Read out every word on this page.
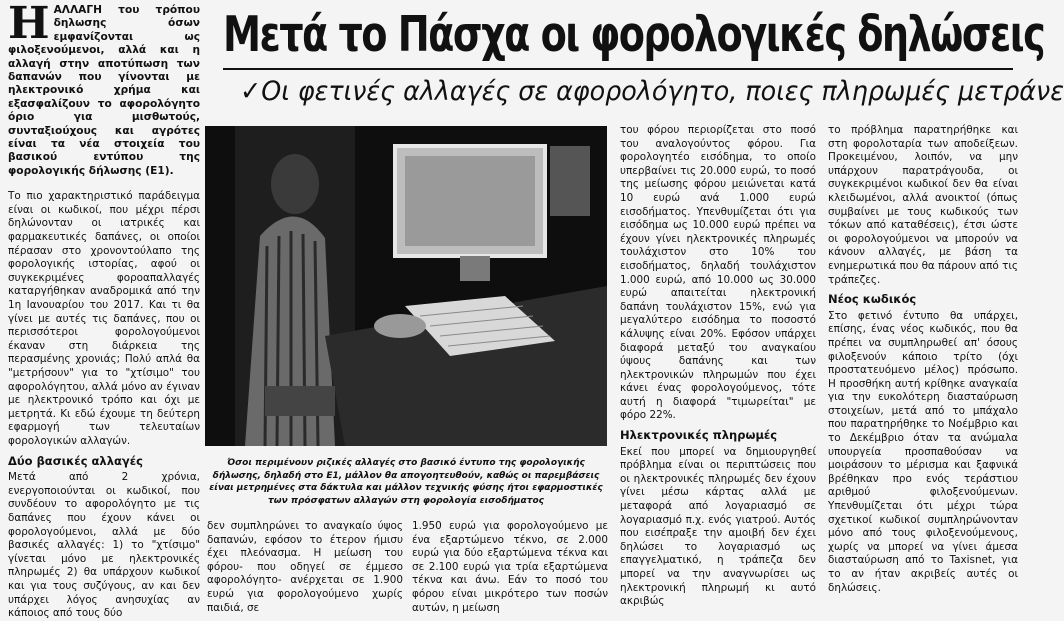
Η ΑΛΛΑΓΗ του τρόπου δηλωσης όσων εμφανίζονται ως φιλοξενούμενοι, αλλά και η αλλαγή στην αποτύπωση των δαπανών που γίνονται με ηλεκτρονικό χρήμα και εξασφαλίζουν το αφορολόγητο όριο για μισθωτούς, συνταξιούχους και αγρότες είναι τα νέα στοιχεία του βασικού εντύπου της φορολογικής δήλωσης (Ε1).

Το πιο χαρακτηριστικό παράδειγμα είναι οι κωδικοί, που μέχρι πέρσι δηλώνονταν οι ιατρικές και φαρμακευτικές δαπάνες, οι οποίοι πέρασαν στο χρονοντούλαπο της φορολογικής ιστορίας, αφού οι συγκεκριμένες φοροαπαλλαγές καταργήθηκαν αναδρομικά από την 1η Ιανουαρίου του 2017. Και τι θα γίνει με αυτές τις δαπάνες, που οι περισσότεροι φορολογούμενοι έκαναν στη διάρκεια της περασμένης χρονιάς; Πολύ απλά θα "μετρήσουν" για το "χτίσιμο" του αφορολόγητου, αλλά μόνο αν έγιναν με ηλεκτρονικό τρόπο και όχι με μετρητά. Κι εδώ έχουμε τη δεύτερη εφαρμογή των τελευταίων φορολογικών αλλαγών.

Δύο βασικές αλλαγές

Μετά από 2 χρόνια, ενεργοποιούνται οι κωδικοί, που συνδέουν το αφορολόγητο με τις δαπάνες που έχουν κάνει οι φορολογούμενοι, αλλά με δύο βασικές αλλαγές: 1) το "χτίσιμο" γίνεται μόνο με ηλεκτρονικές πληρωμές 2) θα υπάρχουν κωδικοί και για τους συζύγους, αν και δεν υπάρχει λόγος ανησυχίας αν κάποιος από τους δύο

Μετά το Πάσχα οι φορολογικές δηλώσεις
✓Οι φετινές αλλαγές σε αφορολόγητο, ποιες πληρωμές μετράνε
Όσοι περιμένουν ριζικές αλλαγές στο βασικό έντυπο της φορολογικής δήλωσης, δηλαδή στο Ε1, μάλλον θα απογοητευθούν, καθώς οι παρεμβάσεις είναι μετρημένες στα δάκτυλα και μάλλον τεχνικής φύσης ήτοι εφαρμοστικές των πρόσφατων αλλαγών στη φορολογία εισοδήματος

δεν συμπληρώνει το αναγκαίο ύψος δαπανών, εφόσον το έτερον ήμισυ έχει πλεόνασμα. Η μείωση του φόρου- που οδηγεί σε έμμεσο αφορολόγητο- ανέρχεται σε 1.900 ευρώ για φορολογούμενο χωρίς παιδιά, σε

1.950 ευρώ για φορολογούμενο με ένα εξαρτώμενο τέκνο, σε 2.000 ευρώ για δύο εξαρτώμενα τέκνα και σε 2.100 ευρώ για τρία εξαρτώμενα τέκνα και άνω. Εάν το ποσό του φόρου είναι μικρότερο των ποσών αυτών, η μείωση

του φόρου περιορίζεται στο ποσό του αναλογούντος φόρου. Για φορολογητέο εισόδημα, το οποίο υπερβαίνει τις 20.000 ευρώ, το ποσό της μείωσης φόρου μειώνεται κατά 10 ευρώ ανά 1.000 ευρώ εισοδήματος. Υπενθυμίζεται ότι για εισόδημα ως 10.000 ευρώ πρέπει να έχουν γίνει ηλεκτρονικές πληρωμές τουλάχιστον στο 10% του εισοδήματος, δηλαδή τουλάχιστον 1.000 ευρώ, από 10.000 ως 30.000 ευρώ απαιτείται ηλεκτρονική δαπάνη τουλάχιστον 15%, ενώ για μεγαλύτερο εισόδημα το ποσοστό κάλυψης είναι 20%. Εφόσον υπάρχει διαφορά μεταξύ του αναγκαίου ύψους δαπάνης και των ηλεκτρονικών πληρωμών που έχει κάνει ένας φορολογούμενος, τότε αυτή η διαφορά "τιμωρείται" με φόρο 22%.

Ηλεκτρονικές πληρωμές

Εκεί που μπορεί να δημιουργηθεί πρόβλημα είναι οι περιπτώσεις που οι ηλεκτρονικές πληρωμές δεν έχουν γίνει μέσω κάρτας αλλά με μεταφορά από λογαριασμό σε λογαριασμό π.χ. ενός γιατρού. Αυτός που εισέπραξε την αμοιβή δεν έχει δηλώσει το λογαριασμό ως επαγγελματικό, η τράπεζα δεν μπορεί να την αναγνωρίσει ως ηλεκτρονική πληρωμή κι αυτό ακριβώς

το πρόβλημα παρατηρήθηκε και στη φορολοταρία των αποδείξεων. Προκειμένου, λοιπόν, να μην υπάρχουν παρατράγουδα, οι συγκεκριμένοι κωδικοί δεν θα είναι κλειδωμένοι, αλλά ανοικτοί (όπως συμβαίνει με τους κωδικούς των τόκων από καταθέσεις), έτσι ώστε οι φορολογούμενοι να μπορούν να κάνουν αλλαγές, με βάση τα ενημερωτικά που θα πάρουν από τις τράπεζες.

Νέος κωδικός

Στο φετινό έντυπο θα υπάρχει, επίσης, ένας νέος κωδικός, που θα πρέπει να συμπληρωθεί απ' όσους φιλοξενούν κάποιο τρίτο (όχι προστατευόμενο μέλος) πρόσωπο. Η προσθήκη αυτή κρίθηκε αναγκαία για την ευκολότερη διασταύρωση στοιχείων, μετά από το μπάχαλο που παρατηρήθηκε το Νοέμβριο και το Δεκέμβριο όταν τα ανώμαλα υπουργεία προσπαθούσαν να μοιράσουν το μέρισμα και ξαφνικά βρέθηκαν προ ενός τεράστιου αριθμού φιλοξενούμενων. Υπενθυμίζεται ότι μέχρι τώρα σχετικοί κωδικοί συμπληρώνονταν μόνο από τους φιλοξενούμενους, χωρίς να μπορεί να γίνει άμεσα διασταύρωση από το Taxisnet, για το αν ήταν ακριβείς αυτές οι δηλώσεις.
